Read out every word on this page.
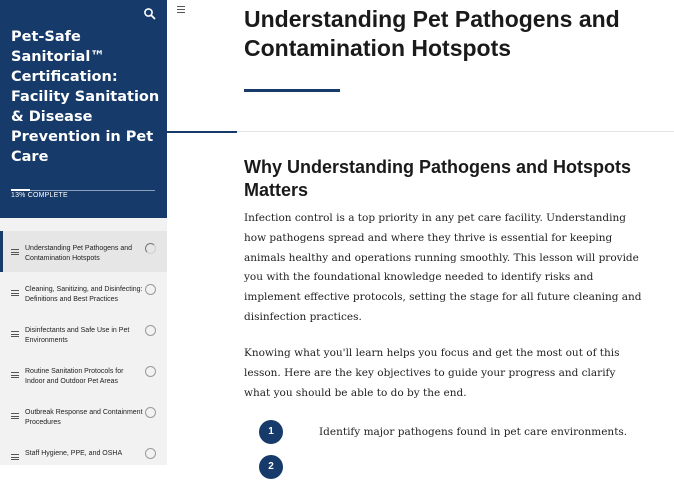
Pet-Safe Sanitorial™ Certification: Facility Sanitation & Disease Prevention in Pet Care
13% COMPLETE
Understanding Pet Pathogens and Contamination Hotspots
Cleaning, Sanitizing, and Disinfecting: Definitions and Best Practices
Disinfectants and Safe Use in Pet Environments
Routine Sanitation Protocols for Indoor and Outdoor Pet Areas
Outbreak Response and Containment Procedures
Staff Hygiene, PPE, and OSHA
Understanding Pet Pathogens and Contamination Hotspots
Why Understanding Pathogens and Hotspots Matters

Infection control is a top priority in any pet care facility. Understanding how pathogens spread and where they thrive is essential for keeping animals healthy and operations running smoothly. This lesson will provide you with the foundational knowledge needed to identify risks and implement effective protocols, setting the stage for all future cleaning and disinfection practices.

Knowing what you'll learn helps you focus and get the most out of this lesson. Here are the key objectives to guide your progress and clarify what you should be able to do by the end.

1	Identify major pathogens found in pet care environments.
2
